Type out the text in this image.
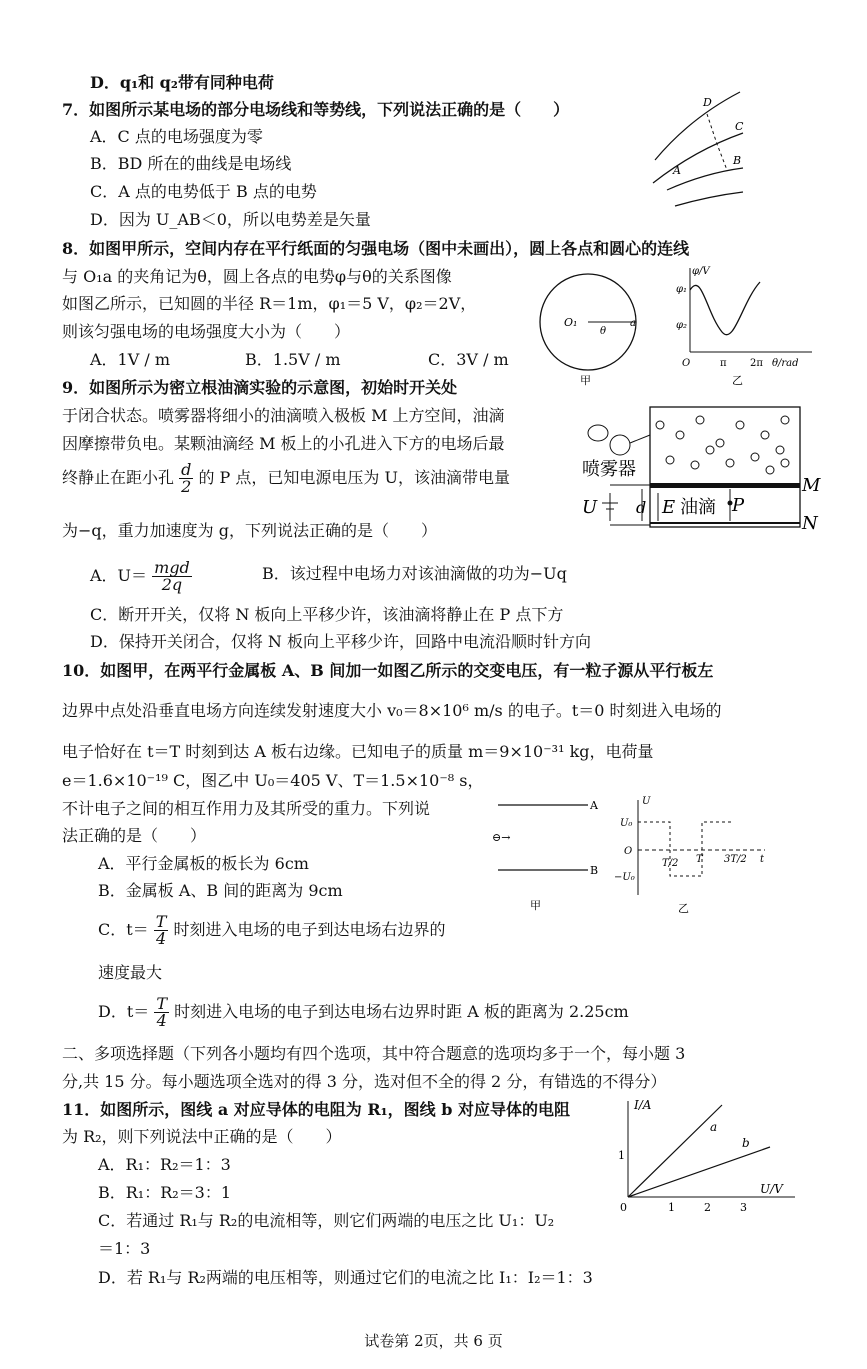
D．q₁和 q₂带有同种电荷
7．如图所示某电场的部分电场线和等势线，下列说法正确的是（　　）
A．C 点的电场强度为零
B．BD 所在的曲线是电场线
C．A 点的电势低于 B 点的电势
D．因为 U_AB＜0，所以电势差是矢量
D
C
A
B
8．如图甲所示，空间内存在平行纸面的匀强电场（图中未画出），圆上各点和圆心的连线
与 O₁a 的夹角记为θ，圆上各点的电势φ与θ的关系图像
如图乙所示，已知圆的半径 R＝1m，φ₁＝5 V，φ₂＝2V，
则该匀强电场的电场强度大小为（　　）
A．1V / m	B．1.5V / m	C．3V / m
O₁
θ
a
甲
φ/V
φ₁
φ₂
O	π 2π θ/rad
乙
9．如图所示为密立根油滴实验的示意图，初始时开关处
于闭合状态。喷雾器将细小的油滴喷入极板 M 上方空间，油滴
因摩擦带负电。某颗油滴经 M 板上的小孔进入下方的电场后最
终静止在距小孔 $\frac{d}{2}$ 的 P 点，已知电源电压为 U，该油滴带电量
为−q，重力加速度为 g，下列说法正确的是（　　）
A．$U= \frac{\text{mgd}}{2q}$	B．该过程中电场力对该油滴做的功为−Uq
C．断开开关，仅将 N 板向上平移少许，该油滴将静止在 P 点下方
D．保持开关闭合，仅将 N 板向上平移少许，回路中电流沿顺时针方向
喷雾器
U d E 油滴 P
M
N
10．如图甲，在两平行金属板 A、B 间加一如图乙所示的交变电压，有一粒子源从平行板左
边界中点处沿垂直电场方向连续发射速度大小 v₀＝8×10⁶ m/s 的电子。t＝0 时刻进入电场的
电子恰好在 t＝T 时刻到达 A 板右边缘。已知电子的质量 m＝9×10⁻³¹ kg，电荷量
e＝1.6×10⁻¹⁹ C，图乙中 U₀＝405 V、T＝1.5×10⁻⁸ s，
不计电子之间的相互作用力及其所受的重力。下列说
法正确的是（　　）
A．平行金属板的板长为 6cm
B．金属板 A、B 间的距离为 9cm
C．$t= \frac{T}{4}$ 时刻进入电场的电子到达电场右边界的
速度最大
D．$t= \frac{T}{4}$ 时刻进入电场的电子到达电场右边界时距 A 板的距离为 2.25cm
A
B
⊖→
甲
U
U₀
O
−U₀
T/2 T 3T/2 t
乙
二、多项选择题（下列各小题均有四个选项，其中符合题意的选项均多于一个，每小题 3
分,共 15 分。每小题选项全选对的得 3 分，选对但不全的得 2 分，有错选的不得分）
11．如图所示，图线 a 对应导体的电阻为 R₁，图线 b 对应导体的电阻
为 R₂，则下列说法中正确的是（　　）
A．R₁：R₂＝1：3
B．R₁：R₂＝3：1
C．若通过 R₁与 R₂的电流相等，则它们两端的电压之比 U₁：U₂
＝1：3
D．若 R₁与 R₂两端的电压相等，则通过它们的电流之比 I₁：I₂＝1：3
I/A
U/V
a
b
1
0	1	2	3
试卷第 2页，共 6 页
